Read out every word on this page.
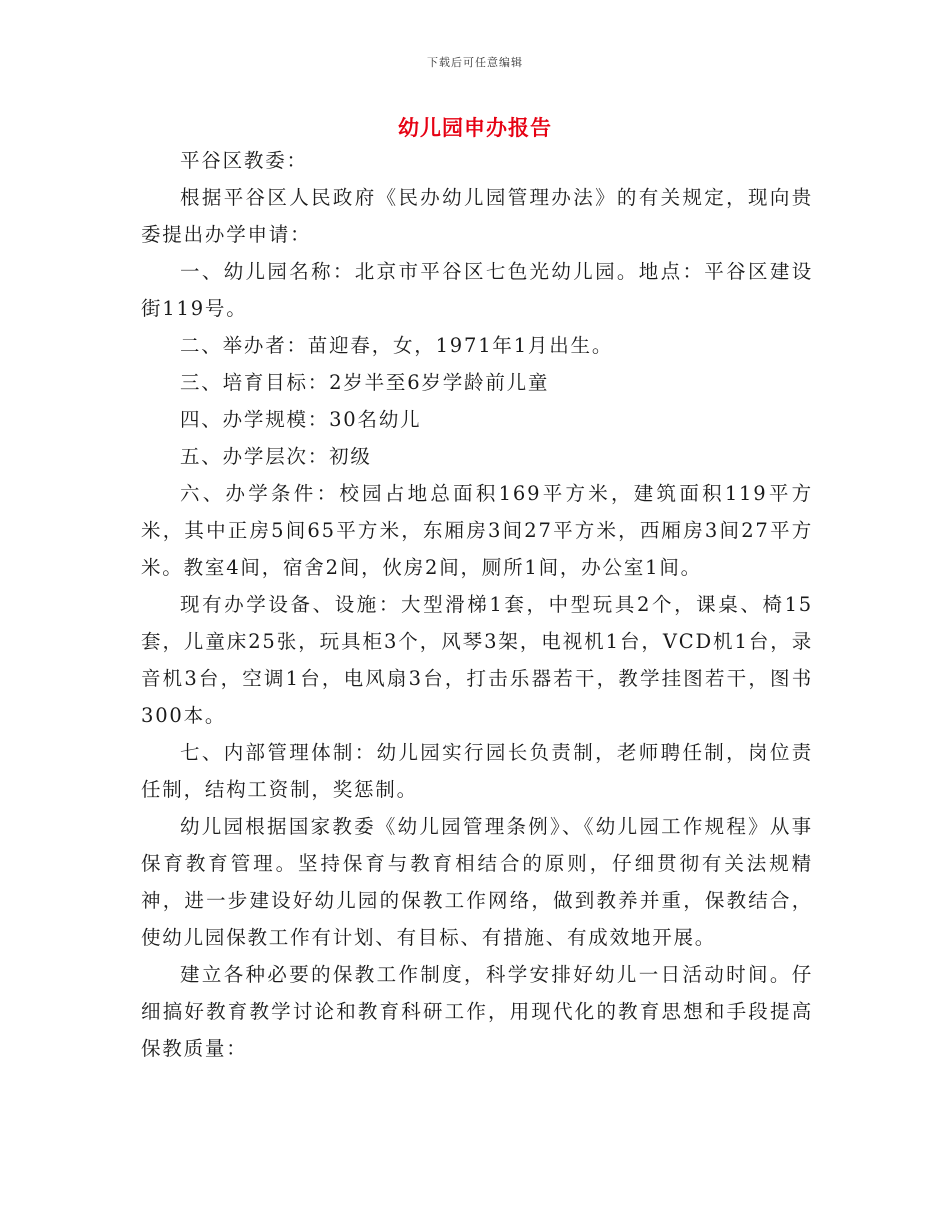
下载后可任意编辑
幼儿园申办报告

平谷区教委：

根据平谷区人民政府《民办幼儿园管理办法》的有关规定，现向贵委提出办学申请：

一、幼儿园名称：北京市平谷区七色光幼儿园。地点：平谷区建设街119号。

二、举办者：苗迎春，女，1971年1月出生。

三、培育目标：2岁半至6岁学龄前儿童

四、办学规模：30名幼儿

五、办学层次：初级

六、办学条件：校园占地总面积169平方米，建筑面积119平方米，其中正房5间65平方米，东厢房3间27平方米，西厢房3间27平方米。教室4间，宿舍2间，伙房2间，厕所1间，办公室1间。

现有办学设备、设施：大型滑梯1套，中型玩具2个，课桌、椅15套，儿童床25张，玩具柜3个，风琴3架，电视机1台，VCD机1台，录音机3台，空调1台，电风扇3台，打击乐器若干，教学挂图若干，图书300本。

七、内部管理体制：幼儿园实行园长负责制，老师聘任制，岗位责任制，结构工资制，奖惩制。

幼儿园根据国家教委《幼儿园管理条例》、《幼儿园工作规程》从事保育教育管理。坚持保育与教育相结合的原则，仔细贯彻有关法规精神，进一步建设好幼儿园的保教工作网络，做到教养并重，保教结合，使幼儿园保教工作有计划、有目标、有措施、有成效地开展。

建立各种必要的保教工作制度，科学安排好幼儿一日活动时间。仔细搞好教育教学讨论和教育科研工作，用现代化的教育思想和手段提高保教质量：
